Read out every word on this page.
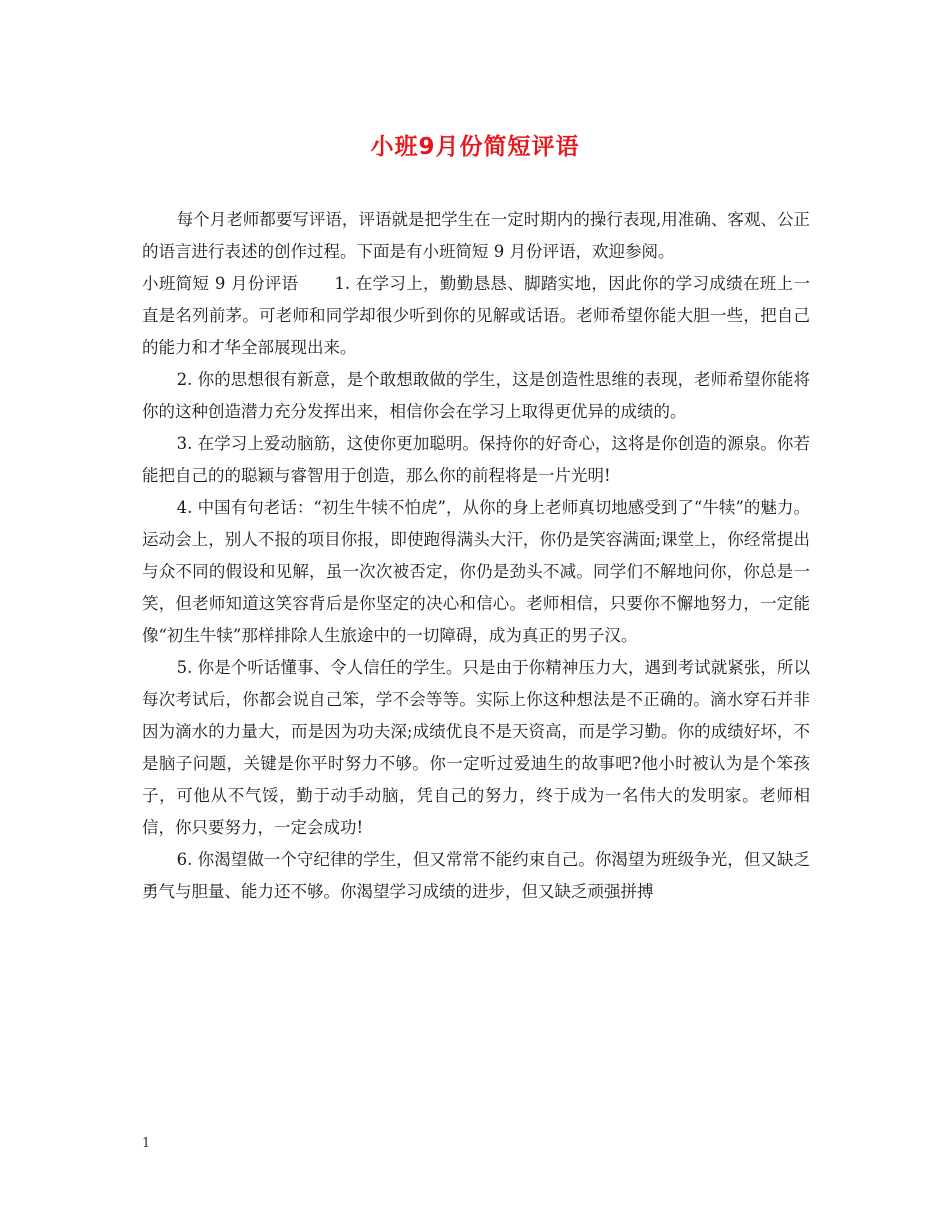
小班9月份简短评语

每个月老师都要写评语，评语就是把学生在一定时期内的操行表现,用准确、客观、公正的语言进行表述的创作过程。下面是有小班简短 9 月份评语，欢迎参阅。

小班简短 9 月份评语 1. 在学习上，勤勤恳恳、脚踏实地，因此你的学习成绩在班上一直是名列前茅。可老师和同学却很少听到你的见解或话语。老师希望你能大胆一些，把自己的能力和才华全部展现出来。

2. 你的思想很有新意，是个敢想敢做的学生，这是创造性思维的表现，老师希望你能将你的这种创造潜力充分发挥出来，相信你会在学习上取得更优异的成绩的。

3. 在学习上爱动脑筋，这使你更加聪明。保持你的好奇心，这将是你创造的源泉。你若能把自己的的聪颖与睿智用于创造，那么你的前程将是一片光明!

4. 中国有句老话：“初生牛犊不怕虎”，从你的身上老师真切地感受到了“牛犊”的魅力。运动会上，别人不报的项目你报，即使跑得满头大汗，你仍是笑容满面;课堂上，你经常提出与众不同的假设和见解，虽一次次被否定，你仍是劲头不减。同学们不解地问你，你总是一笑，但老师知道这笑容背后是你坚定的决心和信心。老师相信，只要你不懈地努力，一定能像“初生牛犊”那样排除人生旅途中的一切障碍，成为真正的男子汉。

5. 你是个听话懂事、令人信任的学生。只是由于你精神压力大，遇到考试就紧张，所以每次考试后，你都会说自己笨，学不会等等。实际上你这种想法是不正确的。滴水穿石并非因为滴水的力量大，而是因为功夫深;成绩优良不是天资高，而是学习勤。你的成绩好坏，不是脑子问题，关键是你平时努力不够。你一定听过爱迪生的故事吧?他小时被认为是个笨孩子，可他从不气馁，勤于动手动脑，凭自己的努力，终于成为一名伟大的发明家。老师相信，你只要努力，一定会成功!

6. 你渴望做一个守纪律的学生，但又常常不能约束自己。你渴望为班级争光，但又缺乏勇气与胆量、能力还不够。你渴望学习成绩的进步，但又缺乏顽强拼搏

1
